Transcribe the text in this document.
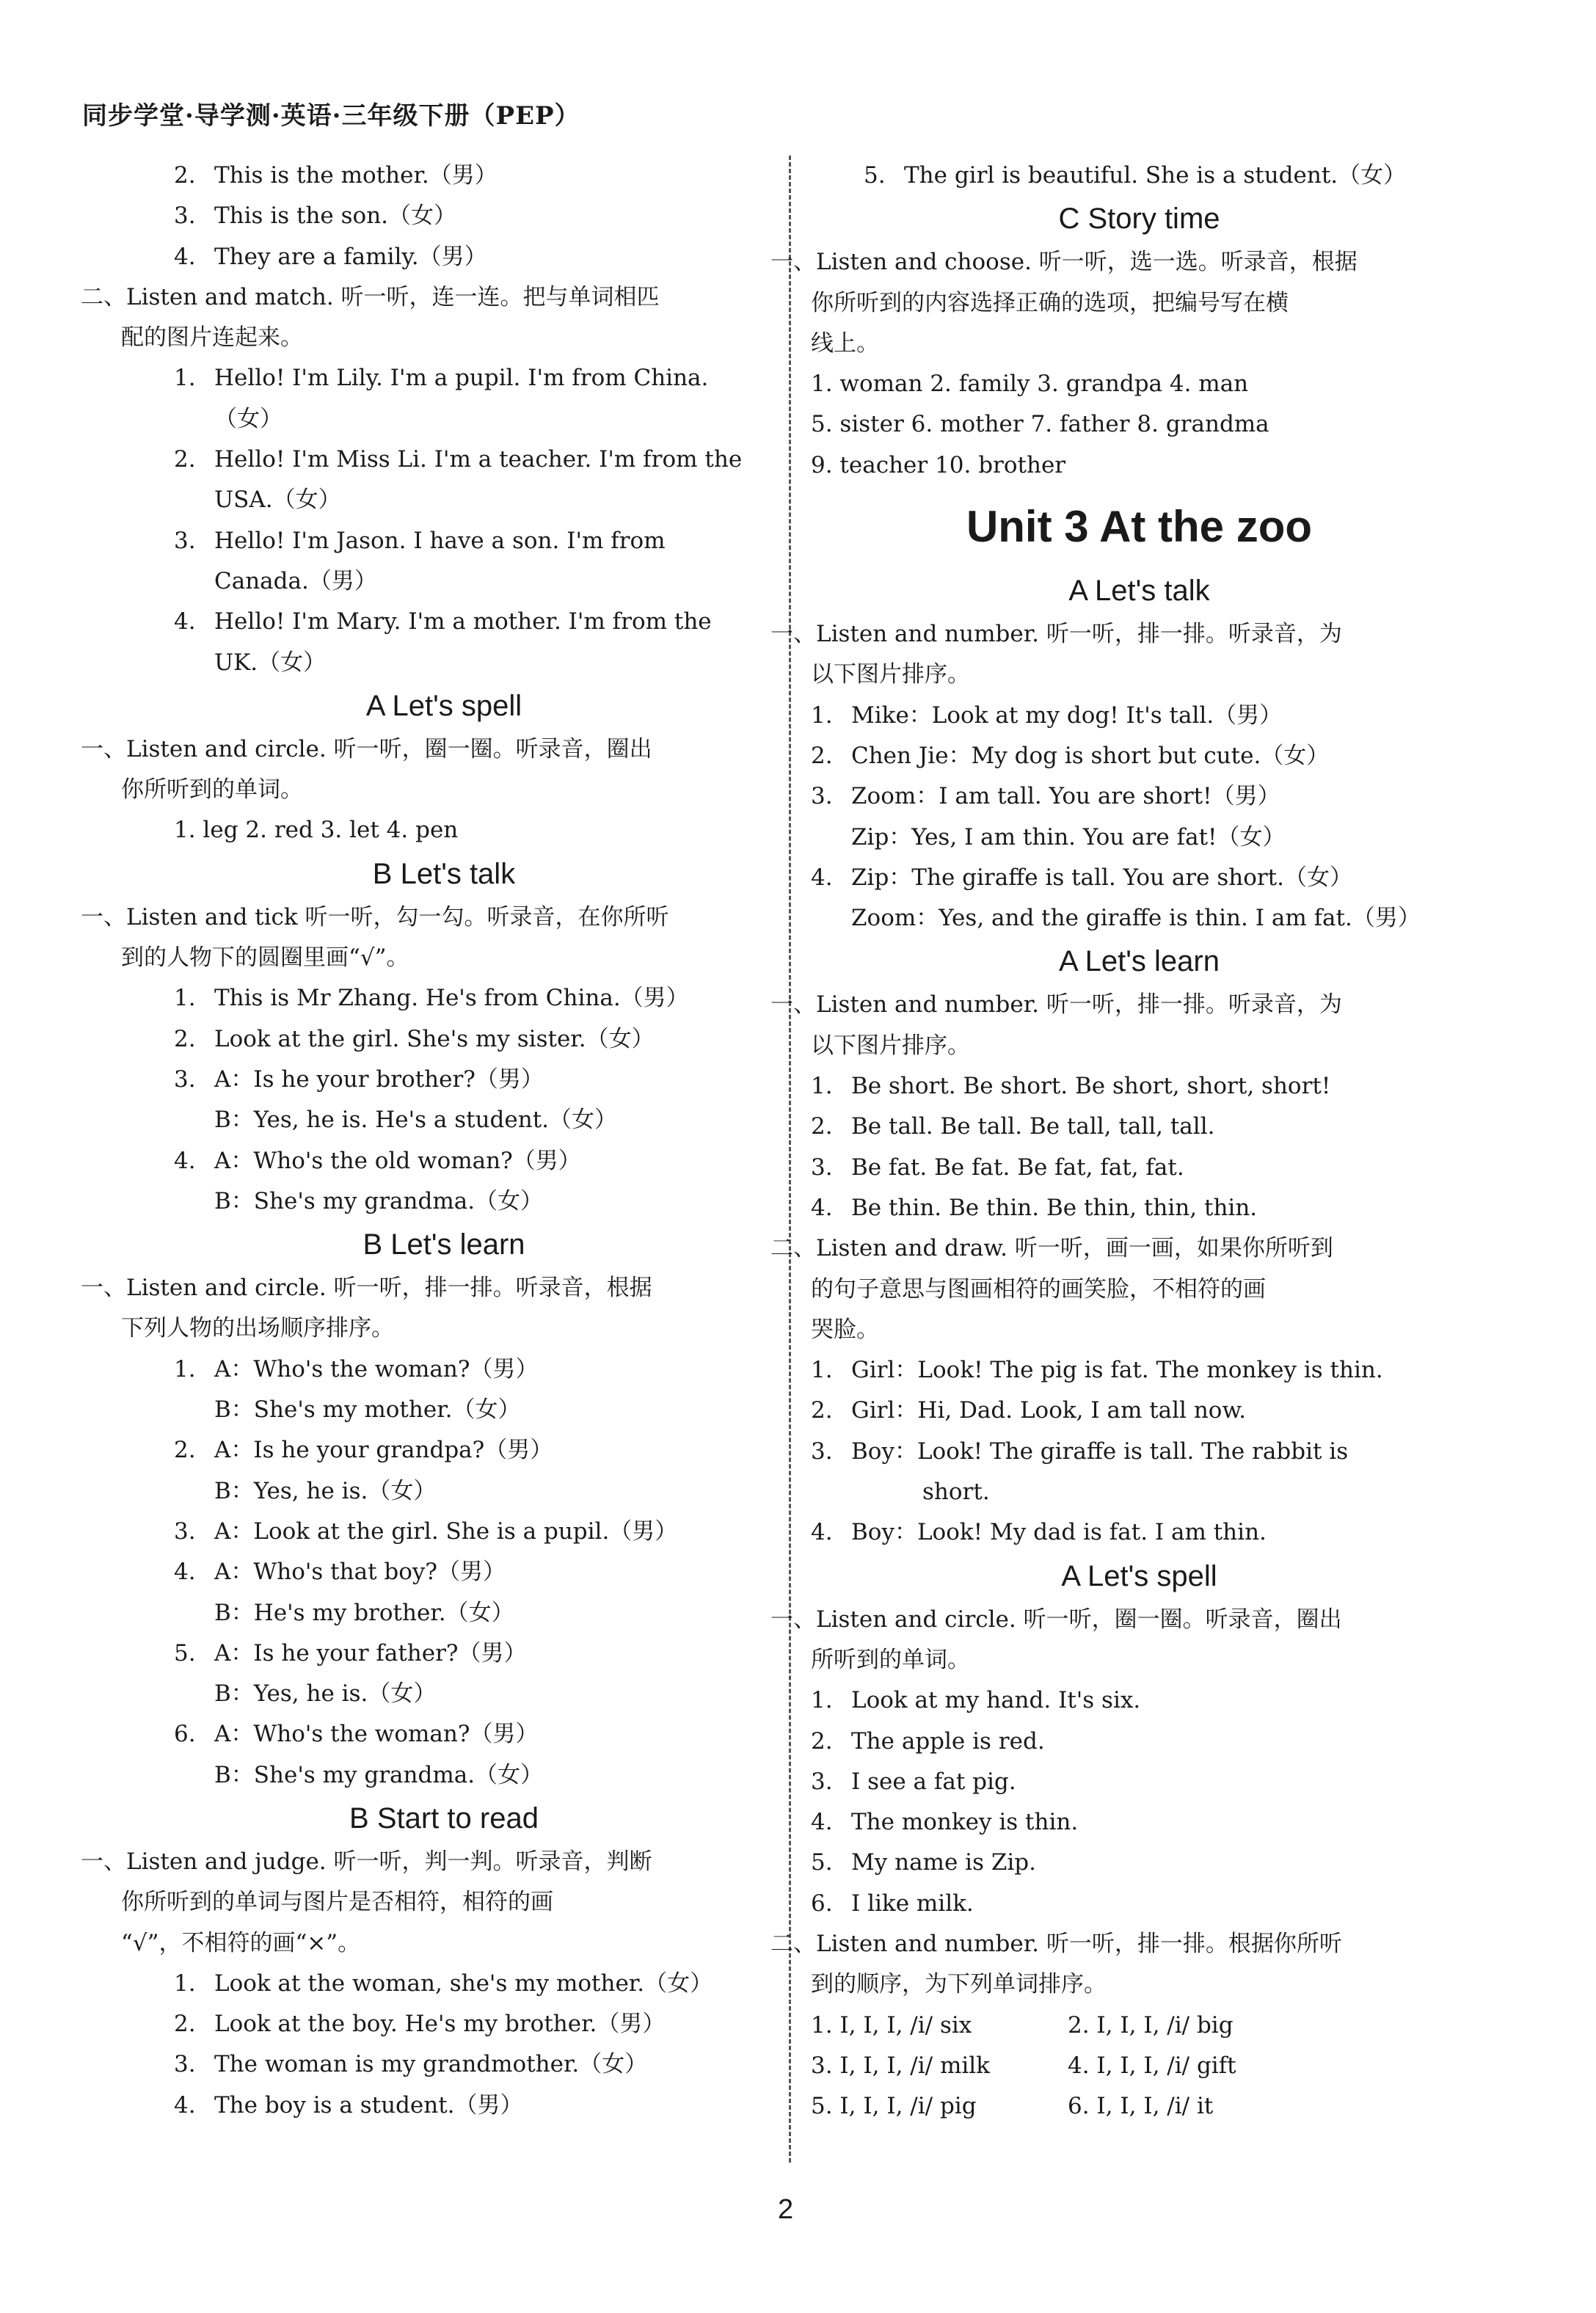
同步学堂·导学测·英语·三年级下册（PEP）
2. This is the mother.（男）
3. This is the son.（女）
4. They are a family.（男）
二、Listen and match. 听一听，连一连。把与单词相匹
配的图片连起来。
1. Hello! I'm Lily. I'm a pupil. I'm from China.
（女）
2. Hello! I'm Miss Li. I'm a teacher. I'm from the
USA.（女）
3. Hello! I'm Jason. I have a son. I'm from
Canada.（男）
4. Hello! I'm Mary. I'm a mother. I'm from the
UK.（女）
A Let's spell
一、Listen and circle. 听一听，圈一圈。听录音，圈出
你所听到的单词。
1. leg 2. red 3. let 4. pen
B Let's talk
一、Listen and tick 听一听，勾一勾。听录音，在你所听
到的人物下的圆圈里画“√”。
1. This is Mr Zhang. He's from China.（男）
2. Look at the girl. She's my sister.（女）
3. A：Is he your brother?（男）
B：Yes, he is. He's a student.（女）
4. A：Who's the old woman?（男）
B：She's my grandma.（女）
B Let's learn
一、Listen and circle. 听一听，排一排。听录音，根据
下列人物的出场顺序排序。
1. A：Who's the woman?（男）
B：She's my mother.（女）
2. A：Is he your grandpa?（男）
B：Yes, he is.（女）
3. A：Look at the girl. She is a pupil.（男）
4. A：Who's that boy?（男）
B：He's my brother.（女）
5. A：Is he your father?（男）
B：Yes, he is.（女）
6. A：Who's the woman?（男）
B：She's my grandma.（女）
B Start to read
一、Listen and judge. 听一听，判一判。听录音，判断
你所听到的单词与图片是否相符，相符的画
“√”，不相符的画“×”。
1. Look at the woman, she's my mother.（女）
2. Look at the boy. He's my brother.（男）
3. The woman is my grandmother.（女）
4. The boy is a student.（男）
5. The girl is beautiful. She is a student.（女）
C Story time
一、Listen and choose. 听一听，选一选。听录音，根据
你所听到的内容选择正确的选项，把编号写在横
线上。
1. woman 2. family 3. grandpa 4. man
5. sister 6. mother 7. father 8. grandma
9. teacher 10. brother
Unit 3 At the zoo
A Let's talk
一、Listen and number. 听一听，排一排。听录音，为
以下图片排序。
1. Mike：Look at my dog! It's tall.（男）
2. Chen Jie：My dog is short but cute.（女）
3. Zoom：I am tall. You are short!（男）
Zip：Yes, I am thin. You are fat!（女）
4. Zip：The giraffe is tall. You are short.（女）
Zoom：Yes, and the giraffe is thin. I am fat.（男）
A Let's learn
一、Listen and number. 听一听，排一排。听录音，为
以下图片排序。
1. Be short. Be short. Be short, short, short!
2. Be tall. Be tall. Be tall, tall, tall.
3. Be fat. Be fat. Be fat, fat, fat.
4. Be thin. Be thin. Be thin, thin, thin.
二、Listen and draw. 听一听，画一画，如果你所听到
的句子意思与图画相符的画笑脸，不相符的画
哭脸。
1. Girl：Look! The pig is fat. The monkey is thin.
2. Girl：Hi, Dad. Look, I am tall now.
3. Boy：Look! The giraffe is tall. The rabbit is
short.
4. Boy：Look! My dad is fat. I am thin.
A Let's spell
一、Listen and circle. 听一听，圈一圈。听录音，圈出
所听到的单词。
1. Look at my hand. It's six.
2. The apple is red.
3. I see a fat pig.
4. The monkey is thin.
5. My name is Zip.
6. I like milk.
二、Listen and number. 听一听，排一排。根据你所听
到的顺序，为下列单词排序。
1. I, I, I, /i/ six	2. I, I, I, /i/ big
3. I, I, I, /i/ milk	4. I, I, I, /i/ gift
5. I, I, I, /i/ pig	6. I, I, I, /i/ it
2
